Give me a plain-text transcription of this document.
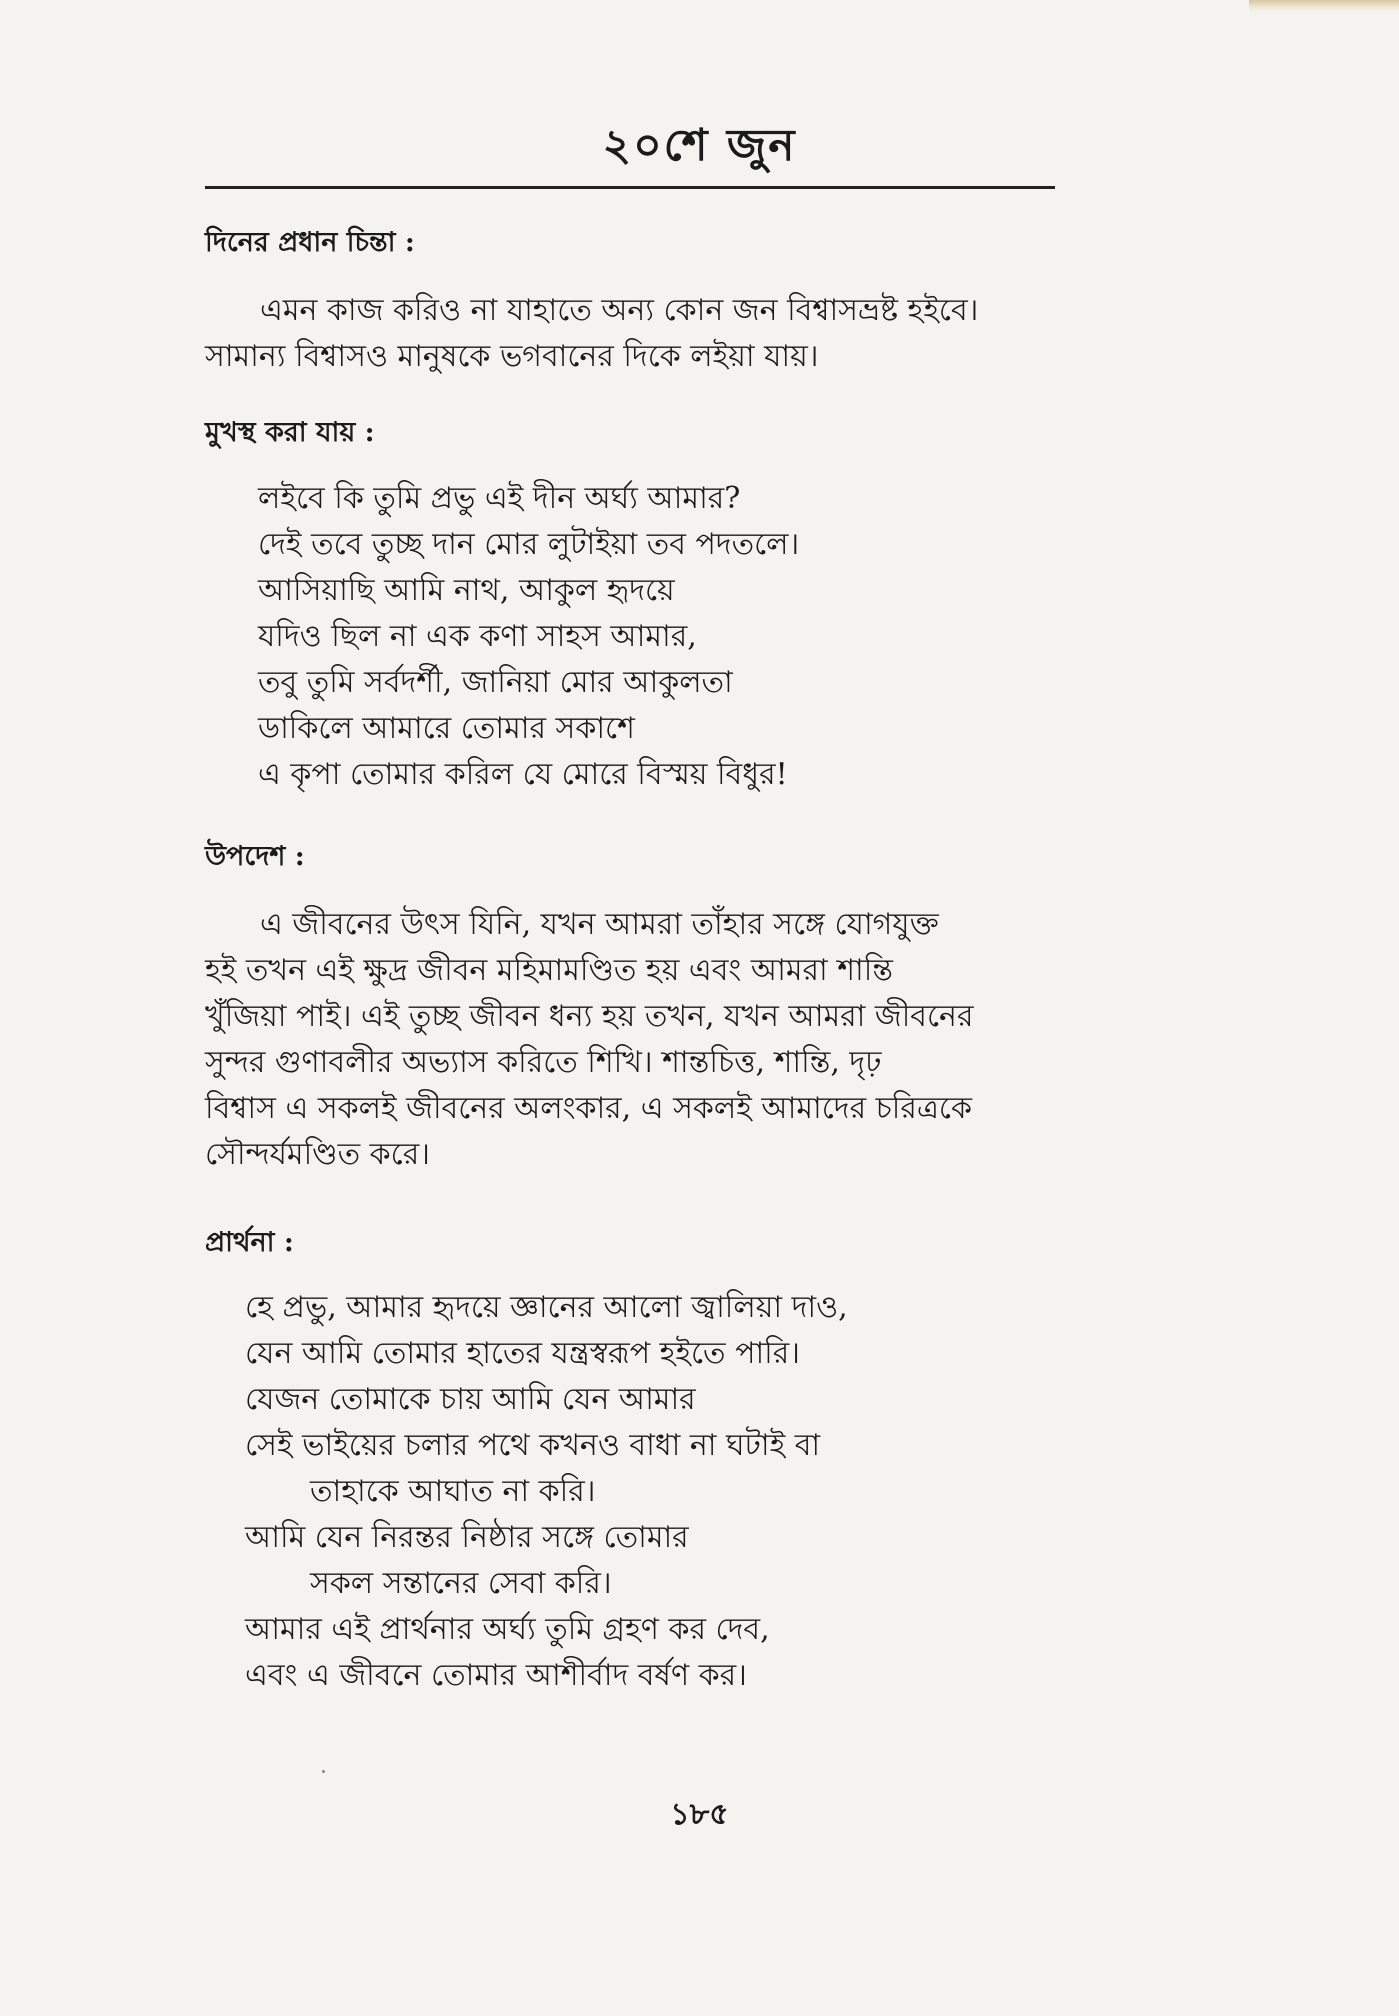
২০শে জুন
দিনের প্রধান চিন্তা :
এমন কাজ করিও না যাহাতে অন্য কোন জন বিশ্বাসভ্রষ্ট হইবে।
সামান্য বিশ্বাসও মানুষকে ভগবানের দিকে লইয়া যায়।
মুখস্থ করা যায় :
লইবে কি তুমি প্রভু এই দীন অর্ঘ্য আমার?
দেই তবে তুচ্ছ দান মোর লুটাইয়া তব পদতলে।
আসিয়াছি আমি নাথ, আকুল হৃদয়ে
যদিও ছিল না এক কণা সাহস আমার,
তবু তুমি সর্বদর্শী, জানিয়া মোর আকুলতা
ডাকিলে আমারে তোমার সকাশে
এ কৃপা তোমার করিল যে মোরে বিস্ময় বিধুর!
উপদেশ :
এ জীবনের উৎস যিনি, যখন আমরা তাঁহার সঙ্গে যোগযুক্ত
হই তখন এই ক্ষুদ্র জীবন মহিমামণ্ডিত হয় এবং আমরা শান্তি
খুঁজিয়া পাই। এই তুচ্ছ জীবন ধন্য হয় তখন, যখন আমরা জীবনের
সুন্দর গুণাবলীর অভ্যাস করিতে শিখি। শান্তচিত্ত, শান্তি, দৃঢ়
বিশ্বাস এ সকলই জীবনের অলংকার, এ সকলই আমাদের চরিত্রকে
সৌন্দর্যমণ্ডিত করে।
প্রার্থনা :
হে প্রভু, আমার হৃদয়ে জ্ঞানের আলো জ্বালিয়া দাও,
যেন আমি তোমার হাতের যন্ত্রস্বরূপ হইতে পারি।
যেজন তোমাকে চায় আমি যেন আমার
সেই ভাইয়ের চলার পথে কখনও বাধা না ঘটাই বা
তাহাকে আঘাত না করি।
আমি যেন নিরন্তর নিষ্ঠার সঙ্গে তোমার
সকল সন্তানের সেবা করি।
আমার এই প্রার্থনার অর্ঘ্য তুমি গ্রহণ কর দেব,
এবং এ জীবনে তোমার আশীর্বাদ বর্ষণ কর।
১৮৫
